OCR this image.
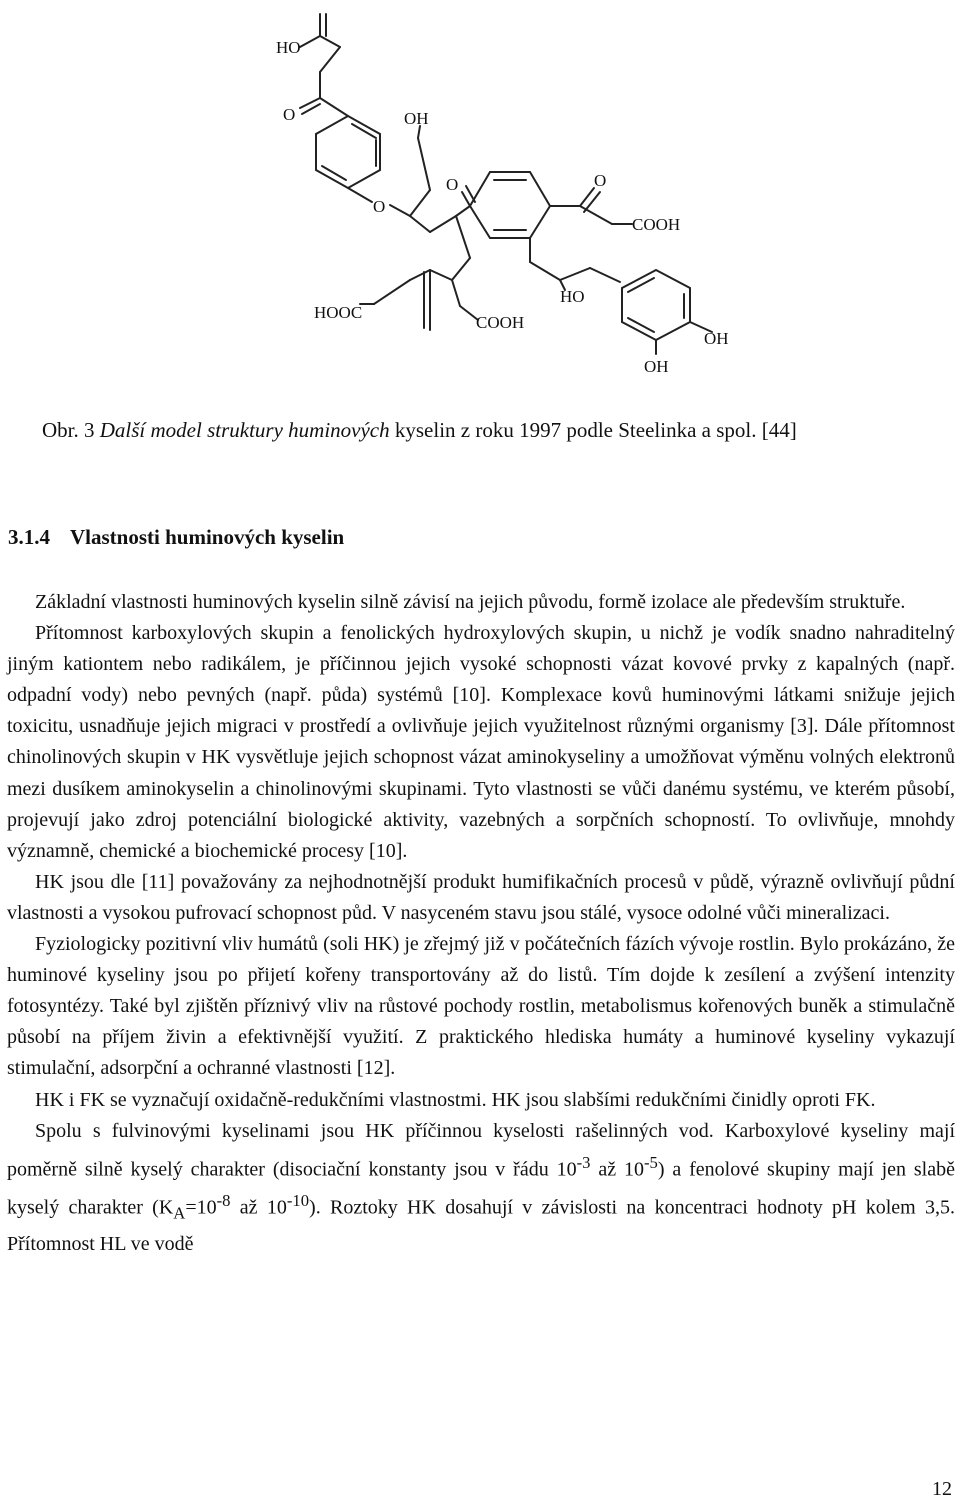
HO
O
O
OH
O	O
COOH
HOOC
COOH
HO
OH
OH
Obr. 3 Další model struktury huminových kyselin z roku 1997 podle Steelinka a spol. [44]
3.1.4 Vlastnosti huminových kyselin

Základní vlastnosti huminových kyselin silně závisí na jejich původu, formě izolace ale především struktuře.

Přítomnost karboxylových skupin a fenolických hydroxylových skupin, u nichž je vodík snadno nahraditelný jiným kationtem nebo radikálem, je příčinnou jejich vysoké schopnosti vázat kovové prvky z kapalných (např. odpadní vody) nebo pevných (např. půda) systémů [10]. Komplexace kovů huminovými látkami snižuje jejich toxicitu, usnadňuje jejich migraci v prostředí a ovlivňuje jejich využitelnost různými organismy [3]. Dále přítomnost chinolinových skupin v HK vysvětluje jejich schopnost vázat aminokyseliny a umožňovat výměnu volných elektronů mezi dusíkem aminokyselin a chinolinovými skupinami. Tyto vlastnosti se vůči danému systému, ve kterém působí, projevují jako zdroj potenciální biologické aktivity, vazebných a sorpčních schopností. To ovlivňuje, mnohdy významně, chemické a biochemické procesy [10].

HK jsou dle [11] považovány za nejhodnotnější produkt humifikačních procesů v půdě, výrazně ovlivňují půdní vlastnosti a vysokou pufrovací schopnost půd. V nasyceném stavu jsou stálé, vysoce odolné vůči mineralizaci.

Fyziologicky pozitivní vliv humátů (soli HK) je zřejmý již v počátečních fázích vývoje rostlin. Bylo prokázáno, že huminové kyseliny jsou po přijetí kořeny transportovány až do listů. Tím dojde k zesílení a zvýšení intenzity fotosyntézy. Také byl zjištěn příznivý vliv na růstové pochody rostlin, metabolismus kořenových buněk a stimulačně působí na příjem živin a efektivnější využití. Z praktického hlediska humáty a huminové kyseliny vykazují stimulační, adsorpční a ochranné vlastnosti [12].

HK i FK se vyznačují oxidačně-redukčními vlastnostmi. HK jsou slabšími redukčními činidly oproti FK.

Spolu s fulvinovými kyselinami jsou HK příčinnou kyselosti rašelinných vod. Karboxylové kyseliny mají poměrně silně kyselý charakter (disociační konstanty jsou v řádu $10^{-3}$ až $10^{-5}$) a fenolové skupiny mají jen slabě kyselý charakter ($K_A=10^{-8}$ až $10^{-10}$). Roztoky HK dosahují v závislosti na koncentraci hodnoty pH kolem 3,5. Přítomnost HL ve vodě

12
